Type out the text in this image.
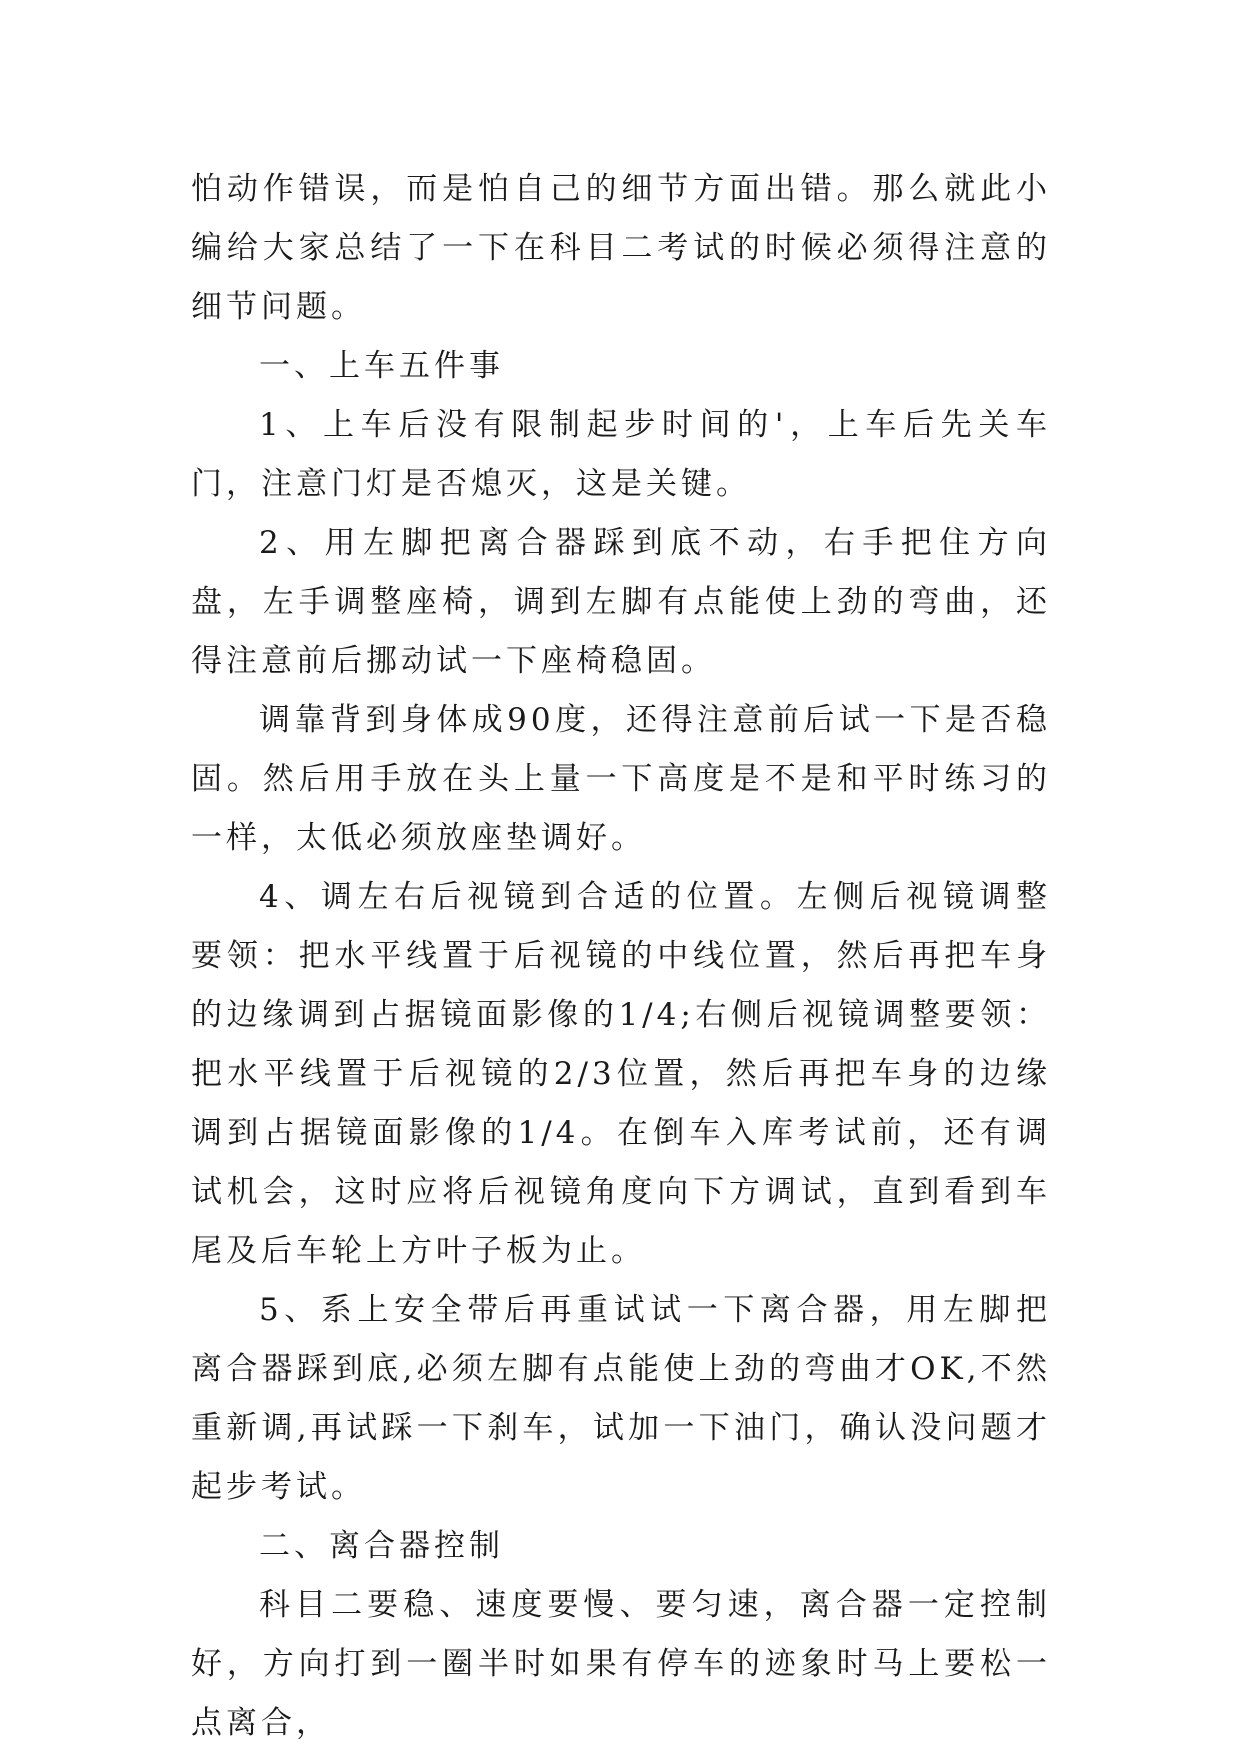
怕动作错误，而是怕自己的细节方面出错。那么就此小编给大家总结了一下在科目二考试的时候必须得注意的细节问题。

一、上车五件事

1、上车后没有限制起步时间的'，上车后先关车门，注意门灯是否熄灭，这是关键。

2、用左脚把离合器踩到底不动，右手把住方向盘，左手调整座椅，调到左脚有点能使上劲的弯曲，还得注意前后挪动试一下座椅稳固。

调靠背到身体成90度，还得注意前后试一下是否稳固。然后用手放在头上量一下高度是不是和平时练习的一样，太低必须放座垫调好。

4、调左右后视镜到合适的位置。左侧后视镜调整要领：把水平线置于后视镜的中线位置，然后再把车身的边缘调到占据镜面影像的1/4;右侧后视镜调整要领：把水平线置于后视镜的2/3位置，然后再把车身的边缘调到占据镜面影像的1/4。在倒车入库考试前，还有调试机会，这时应将后视镜角度向下方调试，直到看到车尾及后车轮上方叶子板为止。

5、系上安全带后再重试试一下离合器，用左脚把离合器踩到底,必须左脚有点能使上劲的弯曲才OK,不然重新调,再试踩一下刹车，试加一下油门，确认没问题才起步考试。

二、离合器控制

科目二要稳、速度要慢、要匀速，离合器一定控制好，方向打到一圈半时如果有停车的迹象时马上要松一点离合，
